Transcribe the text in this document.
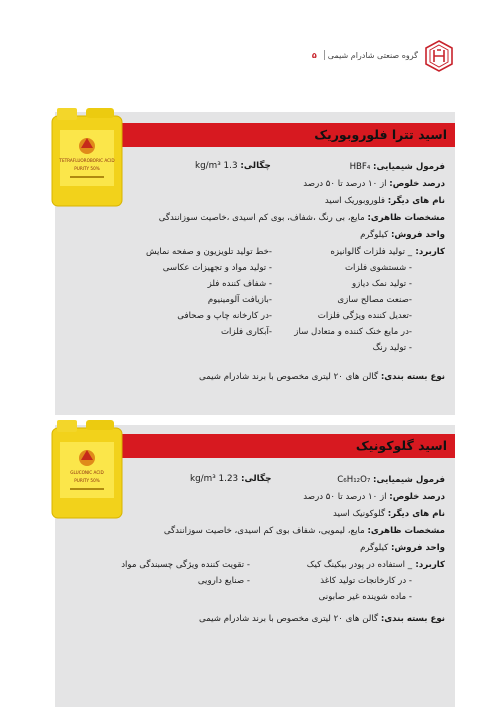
گروه صنعتی شادرام شیمی
۵
اسید تترا فلوروبوریک
TETRAFLUOROBORIC ACID
PURITY 50%	فرمول شیمیایی: HBF₄
چگالی: 1.3 kg/m³
درصد خلوص: از ۱۰ درصد تا ۵۰ درصد
نام های دیگر: فلوروبوریک اسید
مشخصات ظاهری: مایع، بی رنگ ،شفاف، بوی کم اسیدی ،خاصیت سوزانندگی
واحد فروش: کیلوگرم
کاربرد:
_ تولید فلزات گالوانیزه
- شستشوی فلزات
- تولید نمک دیازو
-صنعت مصالح سازی
-تعدیل کننده ویژگی فلزات
-در مایع خنک کننده و متعادل ساز
- تولید رنگ
-خط تولید تلویزیون و صفحه نمایش
- تولید مواد و تجهیزات عکاسی
- شفاف کننده فلز
-بازیافت آلومینیوم
-در کارخانه چاپ و صحافی
-آبکاری فلزات
نوع بسته بندی: گالن های ۲۰ لیتری مخصوص با برند شادرام شیمی
اسید گلوکونیک
GLUCONIC ACID
PURITY 50%	فرمول شیمیایی: C₆H₁₂O₇
چگالی: 1.23 kg/m³
درصد خلوص: از ۱۰ درصد تا ۵۰ درصد
نام های دیگر: گلوکونیک اسید
مشخصات ظاهری: مایع، لیمویی، شفاف بوی کم اسیدی، خاصیت سوزانندگی
واحد فروش: کیلوگرم
کاربرد:
_ استفاده در پودر بیکینگ کیک
- در کارخانجات تولید کاغذ
- ماده شوینده غیر صابونی
- تقویت کننده ویژگی چسبندگی مواد
- صنایع دارویی
نوع بسته بندی: گالن های ۲۰ لیتری مخصوص با برند شادرام شیمی
